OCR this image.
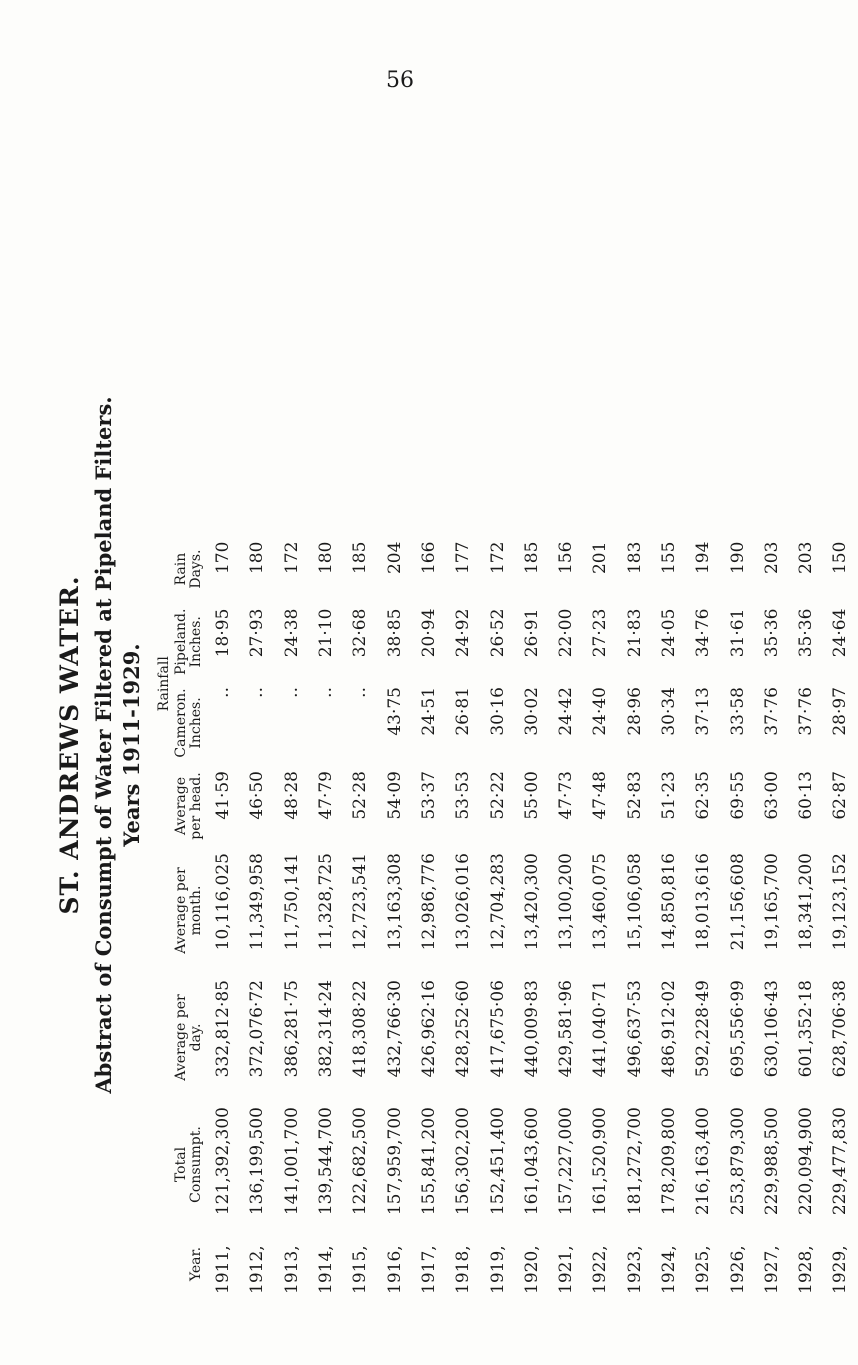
56
ST. ANDREWS WATER. Abstract of Consumpt of Water Filtered at Pipeland Filters. Years 1911-1929.
Year.	Total Consumpt.	Average per day.	Average per month.	Average per head.	Rainfall		Rain Days.
					Cameron. Inches.	Pipeland. Inches.	
1911,	121,392,300	332,812·85	10,116,025	41·59	..	18·95	170
1912,	136,199,500	372,076·72	11,349,958	46·50	..	27·93	180
1913,	141,001,700	386,281·75	11,750,141	48·28	..	24·38	172
1914,	139,544,700	382,314·24	11,328,725	47·79	..	21·10	180
1915,	122,682,500	418,308·22	12,723,541	52·28	..	32·68	185
1916,	157,959,700	432,766·30	13,163,308	54·09	43·75	38·85	204
1917,	155,841,200	426,962·16	12,986,776	53·37	24·51	20·94	166
1918,	156,302,200	428,252·60	13,026,016	53·53	26·81	24·92	177
1919,	152,451,400	417,675·06	12,704,283	52·22	30·16	26·52	172
1920,	161,043,600	440,009·83	13,420,300	55·00	30·02	26·91	185
1921,	157,227,000	429,581·96	13,100,200	47·73	24·42	22·00	156
1922,	161,520,900	441,040·71	13,460,075	47·48	24·40	27·23	201
1923,	181,272,700	496,637·53	15,106,058	52·83	28·96	21·83	183
1924,	178,209,800	486,912·02	14,850,816	51·23	30·34	24·05	155
1925,	216,163,400	592,228·49	18,013,616	62·35	37·13	34·76	194
1926,	253,879,300	695,556·99	21,156,608	69·55	33·58	31·61	190
1927,	229,988,500	630,106·43	19,165,700	63·00	37·76	35·36	203
1928,	220,094,900	601,352·18	18,341,200	60·13	37·76	35·36	203
1929,	229,477,830	628,706·38	19,123,152	62·87	28·97	24·64	150
